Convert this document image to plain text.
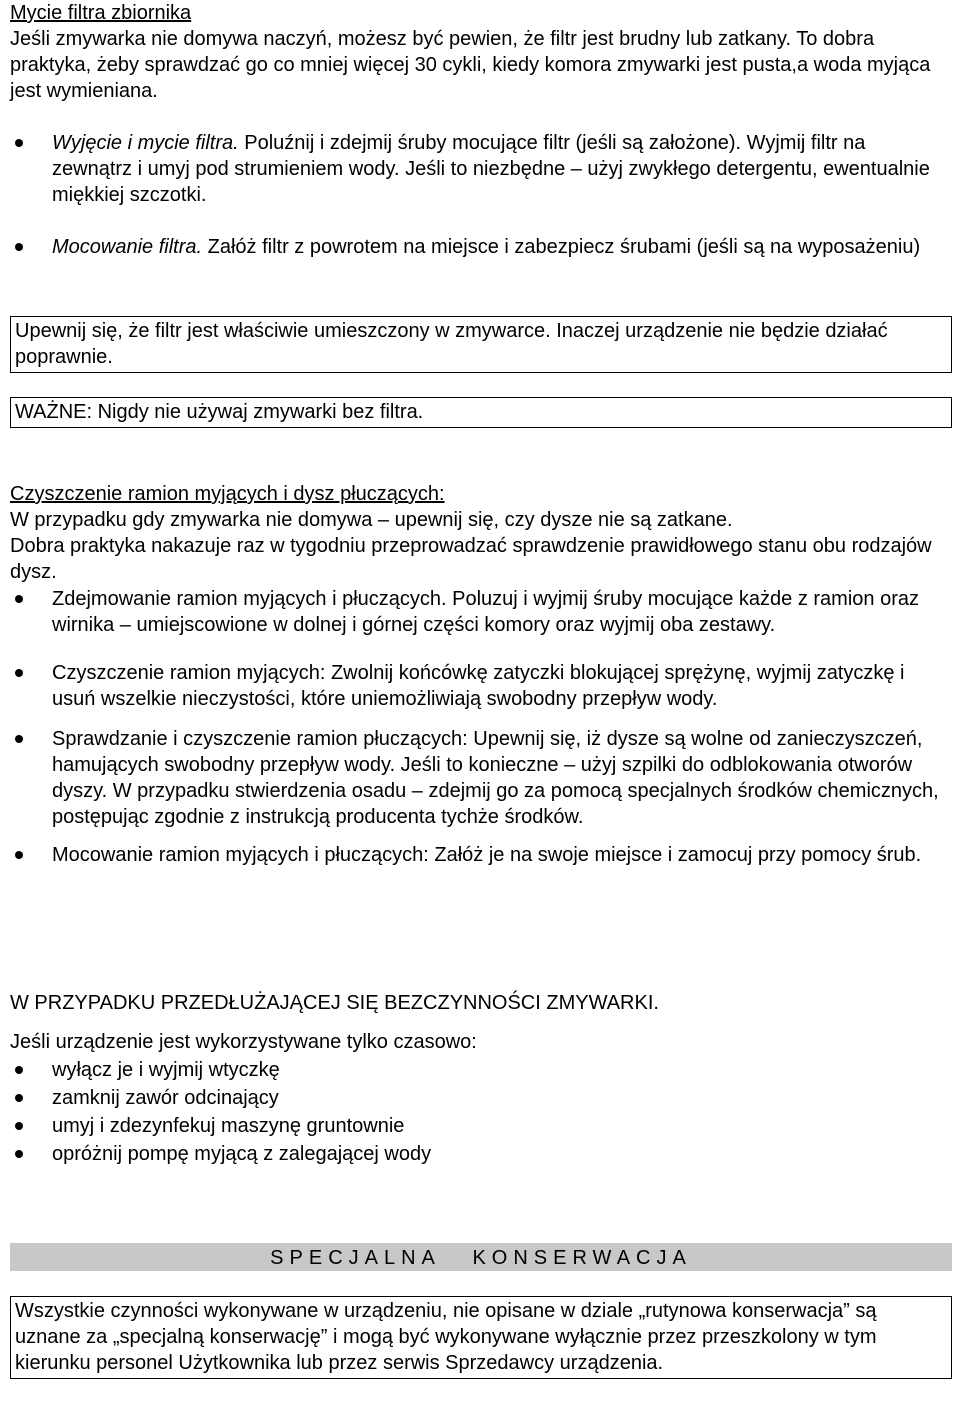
Mycie filtra zbiornika

Jeśli zmywarka nie domywa naczyń, możesz być pewien, że filtr jest brudny lub zatkany. To dobra praktyka, żeby sprawdzać go co mniej więcej 30 cykli, kiedy komora zmywarki jest pusta,a woda myjąca jest wymieniana.

Wyjęcie i mycie filtra. Poluźnij i zdejmij śruby mocujące filtr (jeśli są założone). Wyjmij filtr na zewnątrz i umyj pod strumieniem wody. Jeśli to niezbędne – użyj zwykłego detergentu, ewentualnie miękkiej szczotki.
Mocowanie filtra. Załóż filtr z powrotem na miejsce i zabezpiecz śrubami (jeśli są na wyposażeniu)

Upewnij się, że filtr jest właściwie umieszczony w zmywarce. Inaczej urządzenie nie będzie działać poprawnie.

WAŻNE: Nigdy nie używaj zmywarki bez filtra.

Czyszczenie ramion myjących i dysz płuczących:

W przypadku gdy zmywarka nie domywa – upewnij się, czy dysze nie są zatkane.

Dobra praktyka nakazuje raz w tygodniu przeprowadzać sprawdzenie prawidłowego stanu obu rodzajów dysz.

Zdejmowanie ramion myjących i płuczących. Poluzuj i wyjmij śruby mocujące każde z ramion oraz wirnika – umiejscowione w dolnej i górnej części komory oraz wyjmij oba zestawy.
Czyszczenie ramion myjących: Zwolnij końcówkę zatyczki blokującej sprężynę, wyjmij zatyczkę i usuń wszelkie nieczystości, które uniemożliwiają swobodny przepływ wody.
Sprawdzanie i czyszczenie ramion płuczących: Upewnij się, iż dysze są wolne od zanieczyszczeń, hamujących swobodny przepływ wody. Jeśli to konieczne – użyj szpilki do odblokowania otworów dyszy. W przypadku stwierdzenia osadu – zdejmij go za pomocą specjalnych środków chemicznych, postępując zgodnie z instrukcją producenta tychże środków.
Mocowanie ramion myjących i płuczących: Załóż je na swoje miejsce i zamocuj przy pomocy śrub.

W PRZYPADKU PRZEDŁUŻAJĄCEJ SIĘ BEZCZYNNOŚCI ZMYWARKI.

Jeśli urządzenie jest wykorzystywane tylko czasowo:

wyłącz je i wyjmij wtyczkę
zamknij zawór odcinający
umyj i zdezynfekuj maszynę gruntownie
opróżnij pompę myjącą z zalegającej wody
SPECJALNA KONSERWACJA

Wszystkie czynności wykonywane w urządzeniu, nie opisane w dziale „rutynowa konserwacja” są uznane za „specjalną konserwację” i mogą być wykonywane wyłącznie przez przeszkolony w tym kierunku personel Użytkownika lub przez serwis Sprzedawcy urządzenia.
